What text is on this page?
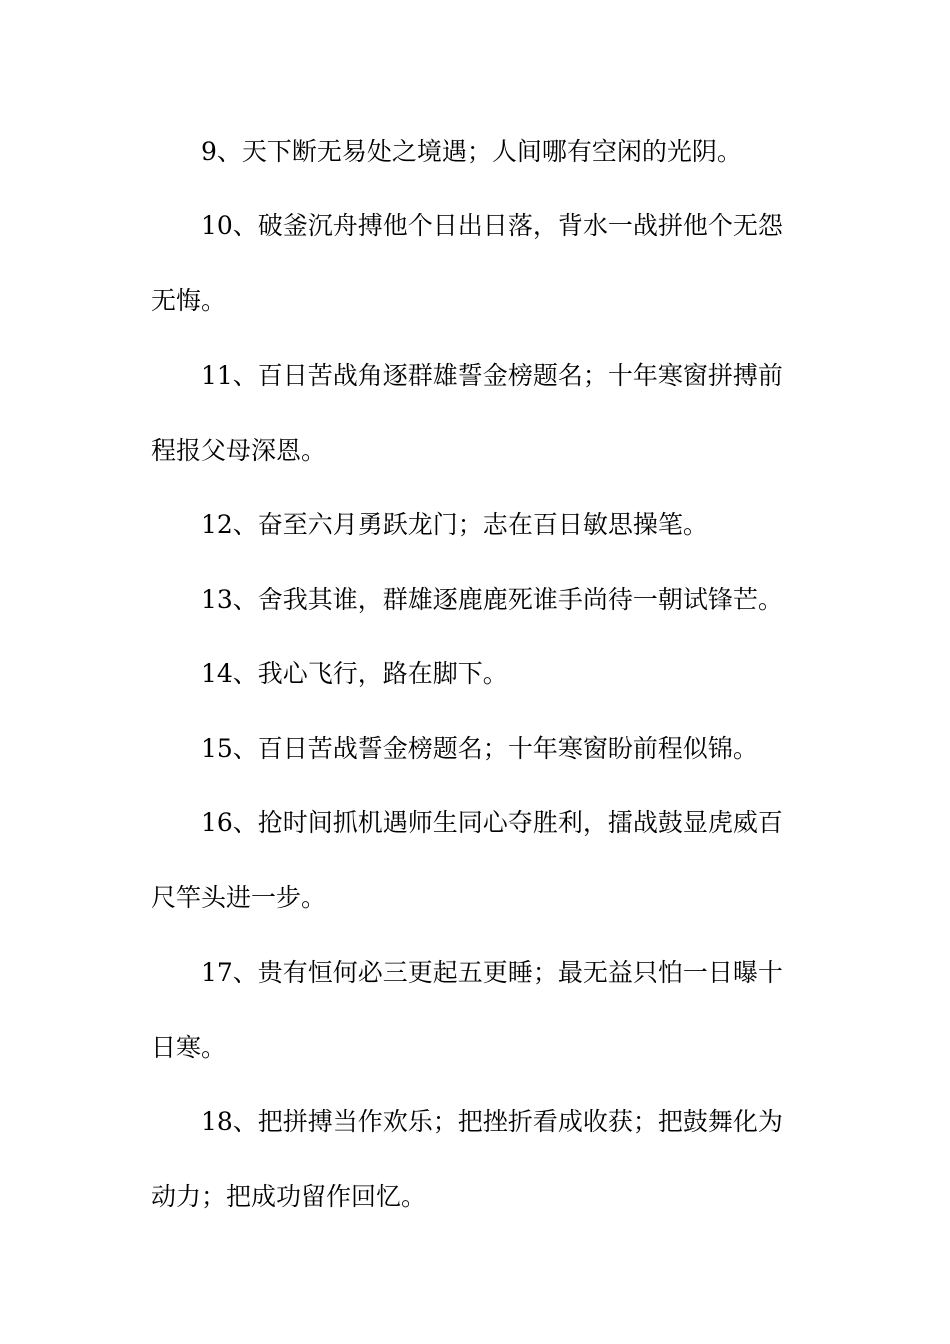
9、天下断无易处之境遇；人间哪有空闲的光阴。
10、破釜沉舟搏他个日出日落，背水一战拼他个无怨
无悔。
11、百日苦战角逐群雄誓金榜题名；十年寒窗拼搏前
程报父母深恩。
12、奋至六月勇跃龙门；志在百日敏思操笔。
13、舍我其谁，群雄逐鹿鹿死谁手尚待一朝试锋芒。
14、我心飞行，路在脚下。
15、百日苦战誓金榜题名；十年寒窗盼前程似锦。
16、抢时间抓机遇师生同心夺胜利，擂战鼓显虎威百
尺竿头进一步。
17、贵有恒何必三更起五更睡；最无益只怕一日曝十
日寒。
18、把拼搏当作欢乐；把挫折看成收获；把鼓舞化为
动力；把成功留作回忆。
